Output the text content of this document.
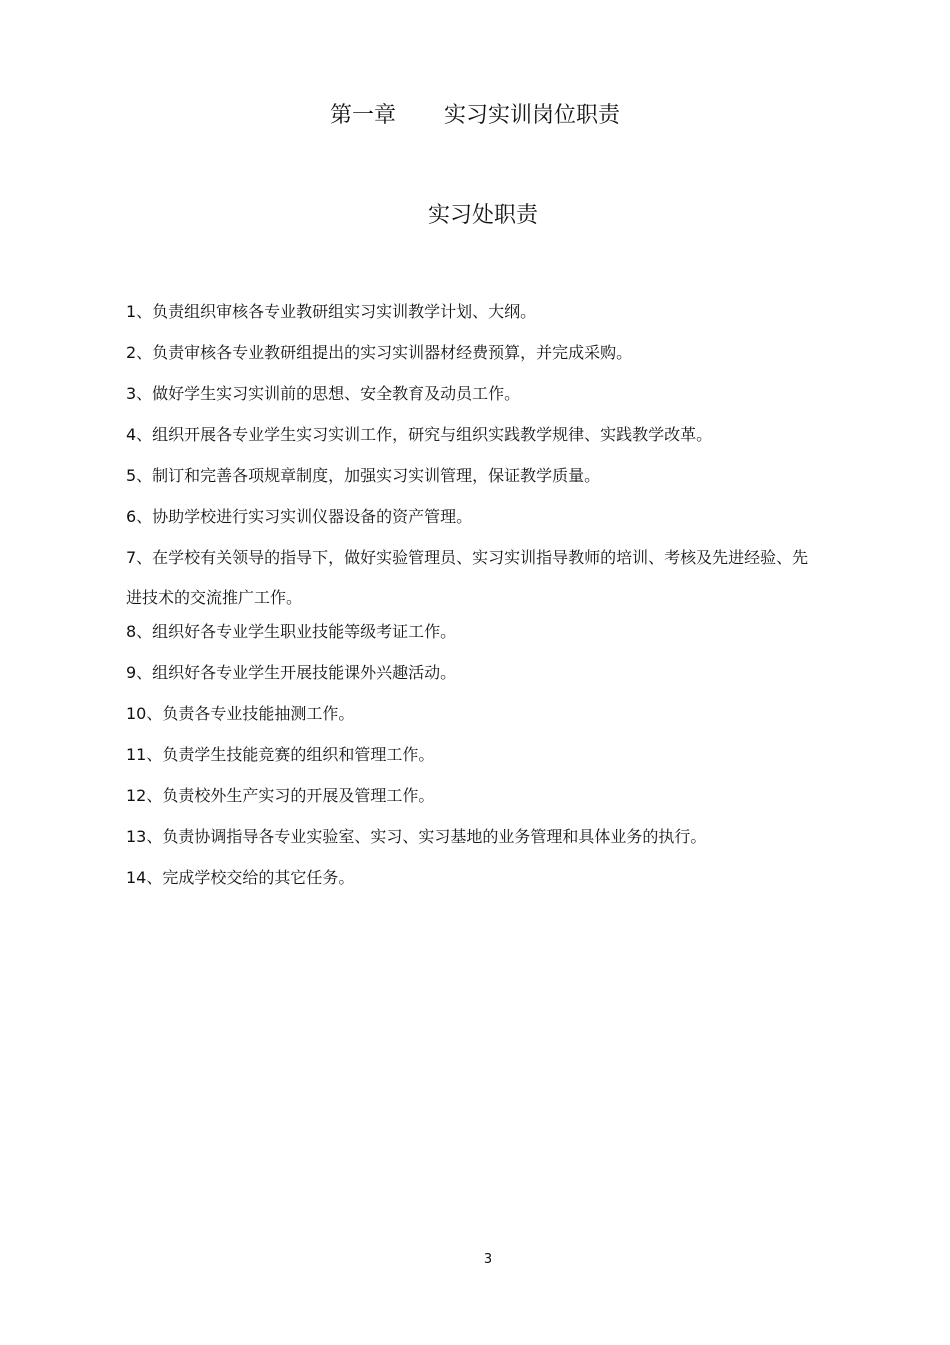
第一章 实习实训岗位职责
实习处职责
1、负责组织审核各专业教研组实习实训教学计划、大纲。
2、负责审核各专业教研组提出的实习实训器材经费预算，并完成采购。
3、做好学生实习实训前的思想、安全教育及动员工作。
4、组织开展各专业学生实习实训工作，研究与组织实践教学规律、实践教学改革。
5、制订和完善各项规章制度，加强实习实训管理，保证教学质量。
6、协助学校进行实习实训仪器设备的资产管理。
7、在学校有关领导的指导下，做好实验管理员、实习实训指导教师的培训、考核及先进经验、先进技术的交流推广工作。
8、组织好各专业学生职业技能等级考证工作。
9、组织好各专业学生开展技能课外兴趣活动。
10、负责各专业技能抽测工作。
11、负责学生技能竞赛的组织和管理工作。
12、负责校外生产实习的开展及管理工作。
13、负责协调指导各专业实验室、实习、实习基地的业务管理和具体业务的执行。
14、完成学校交给的其它任务。
3
